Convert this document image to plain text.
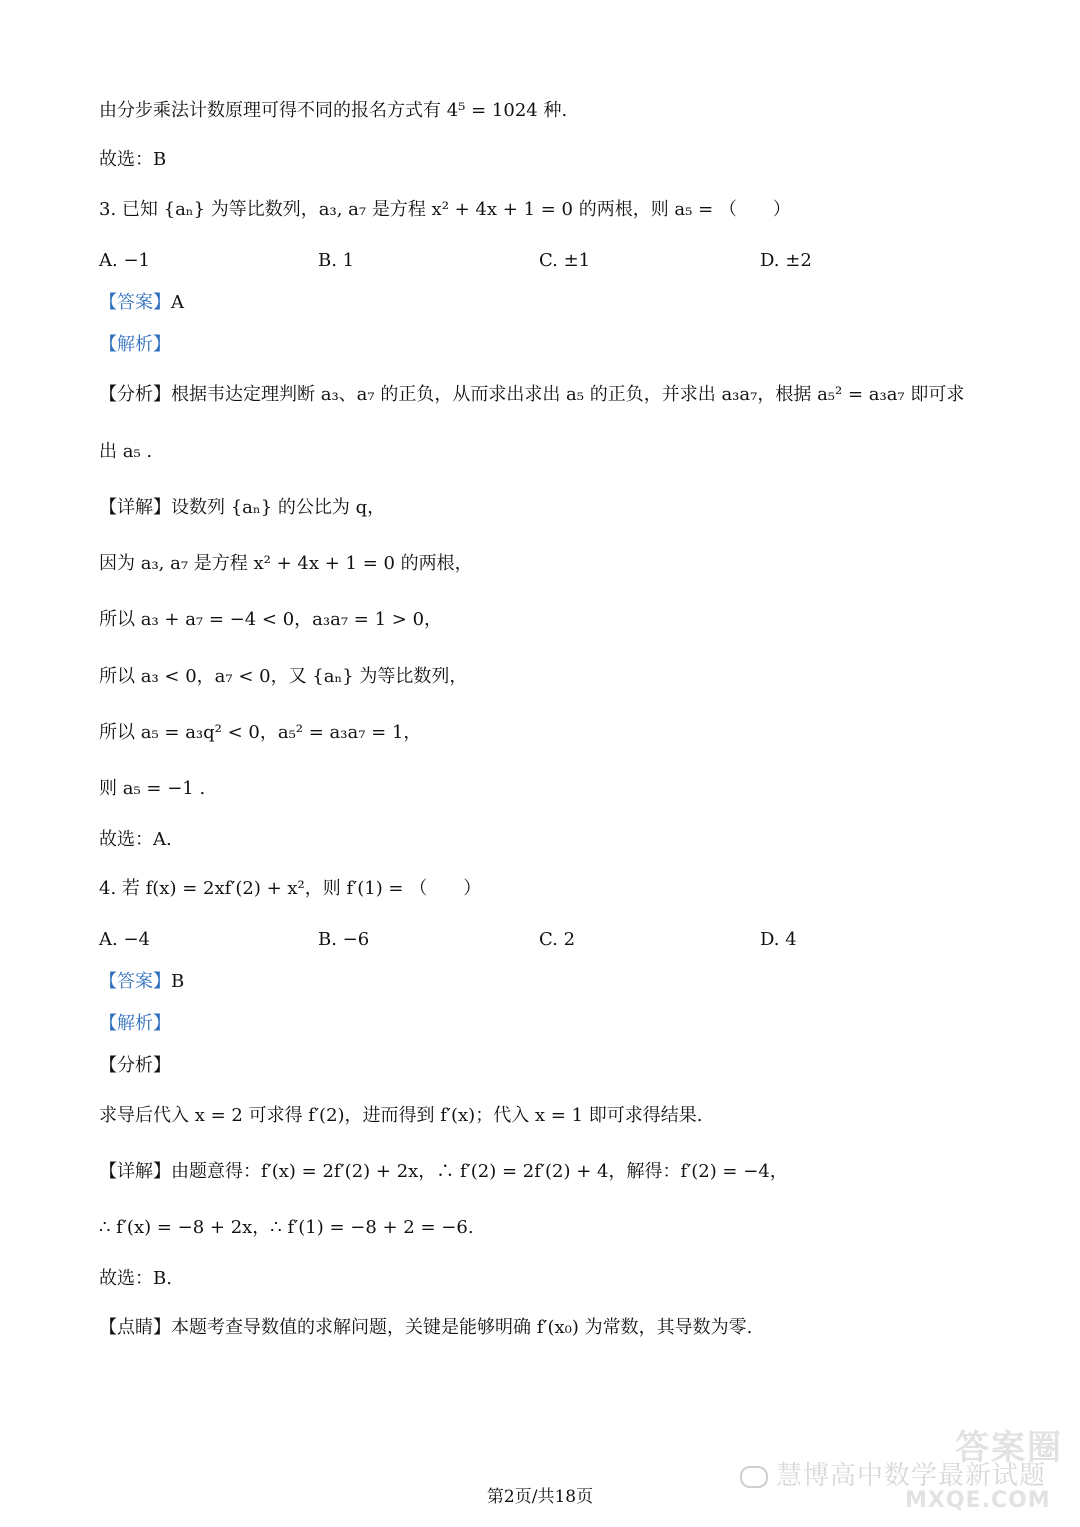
由分步乘法计数原理可得不同的报名方式有 4⁵ = 1024 种.
故选：B
3. 已知 {aₙ} 为等比数列，a₃, a₇ 是方程 x² + 4x + 1 = 0 的两根，则 a₅ = （　　）
A. −1	B. 1	C. ±1	D. ±2
【答案】A
【解析】
【分析】根据韦达定理判断 a₃、a₇ 的正负，从而求出求出 a₅ 的正负，并求出 a₃a₇，根据 a₅² = a₃a₇ 即可求
出 a₅ .
【详解】设数列 {aₙ} 的公比为 q，
因为 a₃, a₇ 是方程 x² + 4x + 1 = 0 的两根，
所以 a₃ + a₇ = −4 < 0，a₃a₇ = 1 > 0，
所以 a₃ < 0，a₇ < 0，又 {aₙ} 为等比数列，
所以 a₅ = a₃q² < 0，a₅² = a₃a₇ = 1，
则 a₅ = −1 .
故选：A.
4. 若 f(x) = 2xf′(2) + x²，则 f′(1) = （　　）
A. −4	B. −6	C. 2	D. 4
【答案】B
【解析】
【分析】
求导后代入 x = 2 可求得 f′(2)，进而得到 f′(x)；代入 x = 1 即可求得结果.
【详解】由题意得：f′(x) = 2f′(2) + 2x，∴ f′(2) = 2f′(2) + 4，解得：f′(2) = −4，
∴ f′(x) = −8 + 2x，∴ f′(1) = −8 + 2 = −6.
故选：B.
【点睛】本题考查导数值的求解问题，关键是能够明确 f′(x₀) 为常数，其导数为零.
答案圈
慧博高中数学最新试题
MXQE.COM
第2页/共18页
